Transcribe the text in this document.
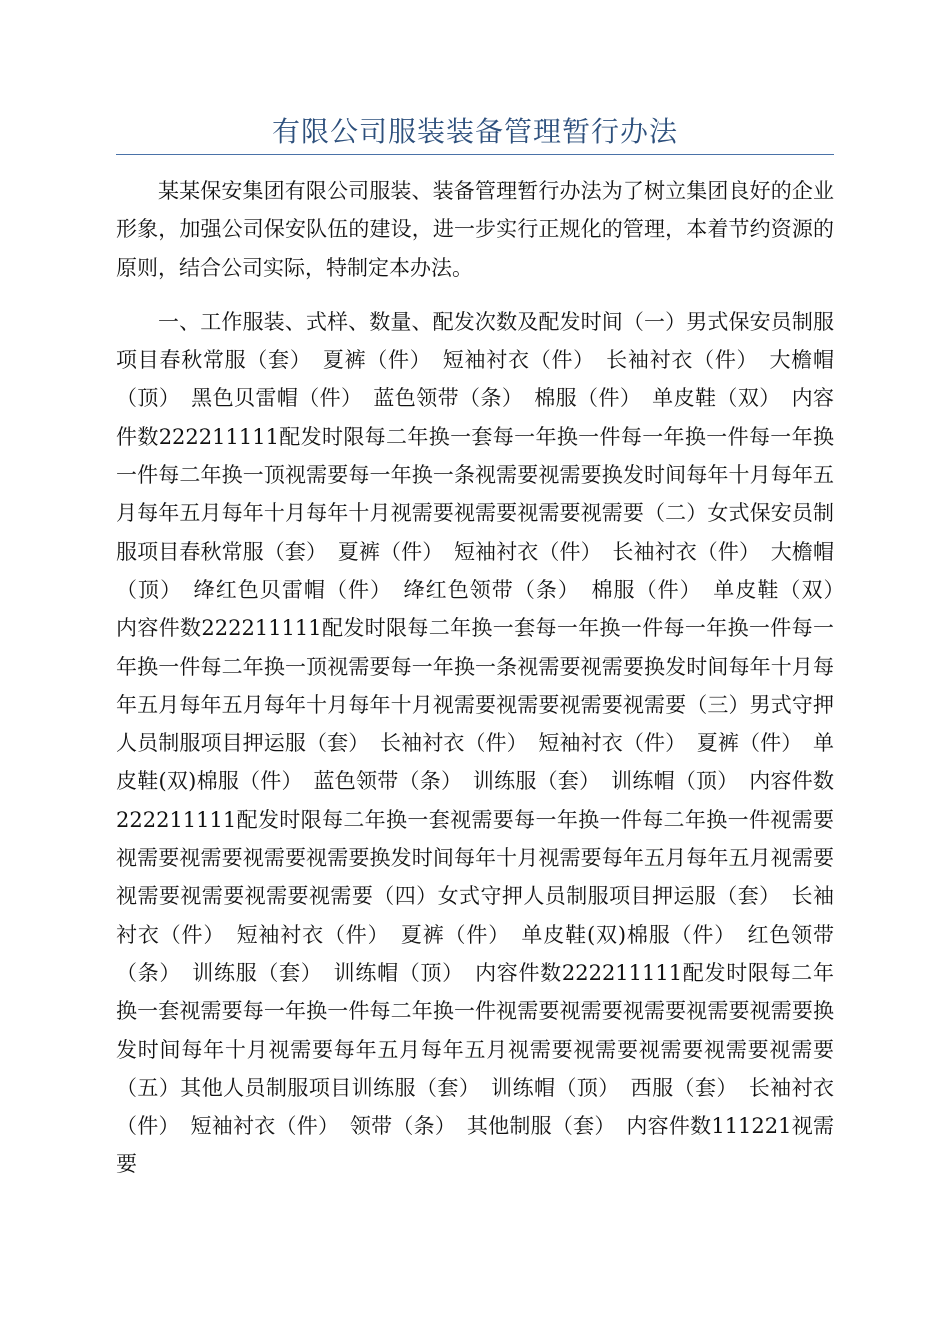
有限公司服装装备管理暂行办法

某某保安集团有限公司服装、装备管理暂行办法为了树立集团良好的企业形象，加强公司保安队伍的建设，进一步实行正规化的管理，本着节约资源的原则，结合公司实际，特制定本办法。

一、工作服装、式样、数量、配发次数及配发时间（一）男式保安员制服项目春秋常服（套）　夏裤（件）　短袖衬衣（件）　长袖衬衣（件）　大檐帽（顶）　黑色贝雷帽（件）　蓝色领带（条）　棉服（件）　单皮鞋（双）　内容件数222211111配发时限每二年换一套每一年换一件每一年换一件每一年换一件每二年换一顶视需要每一年换一条视需要视需要换发时间每年十月每年五月每年五月每年十月每年十月视需要视需要视需要视需要（二）女式保安员制服项目春秋常服（套）　夏裤（件）　短袖衬衣（件）　长袖衬衣（件）　大檐帽（顶）　绛红色贝雷帽（件）　绛红色领带（条）　棉服（件）　单皮鞋（双）　内容件数222211111配发时限每二年换一套每一年换一件每一年换一件每一年换一件每二年换一顶视需要每一年换一条视需要视需要换发时间每年十月每年五月每年五月每年十月每年十月视需要视需要视需要视需要（三）男式守押人员制服项目押运服（套）　长袖衬衣（件）　短袖衬衣（件）　夏裤（件）　单皮鞋(双)棉服（件）　蓝色领带（条）　训练服（套）　训练帽（顶）　内容件数222211111配发时限每二年换一套视需要每一年换一件每二年换一件视需要视需要视需要视需要视需要换发时间每年十月视需要每年五月每年五月视需要视需要视需要视需要视需要（四）女式守押人员制服项目押运服（套）　长袖衬衣（件）　短袖衬衣（件）　夏裤（件）　单皮鞋(双)棉服（件）　红色领带（条）　训练服（套）　训练帽（顶）　内容件数222211111配发时限每二年换一套视需要每一年换一件每二年换一件视需要视需要视需要视需要视需要换发时间每年十月视需要每年五月每年五月视需要视需要视需要视需要视需要（五）其他人员制服项目训练服（套）　训练帽（顶）　西服（套）　长袖衬衣（件）　短袖衬衣（件）　领带（条）　其他制服（套）　内容件数111221视需要
